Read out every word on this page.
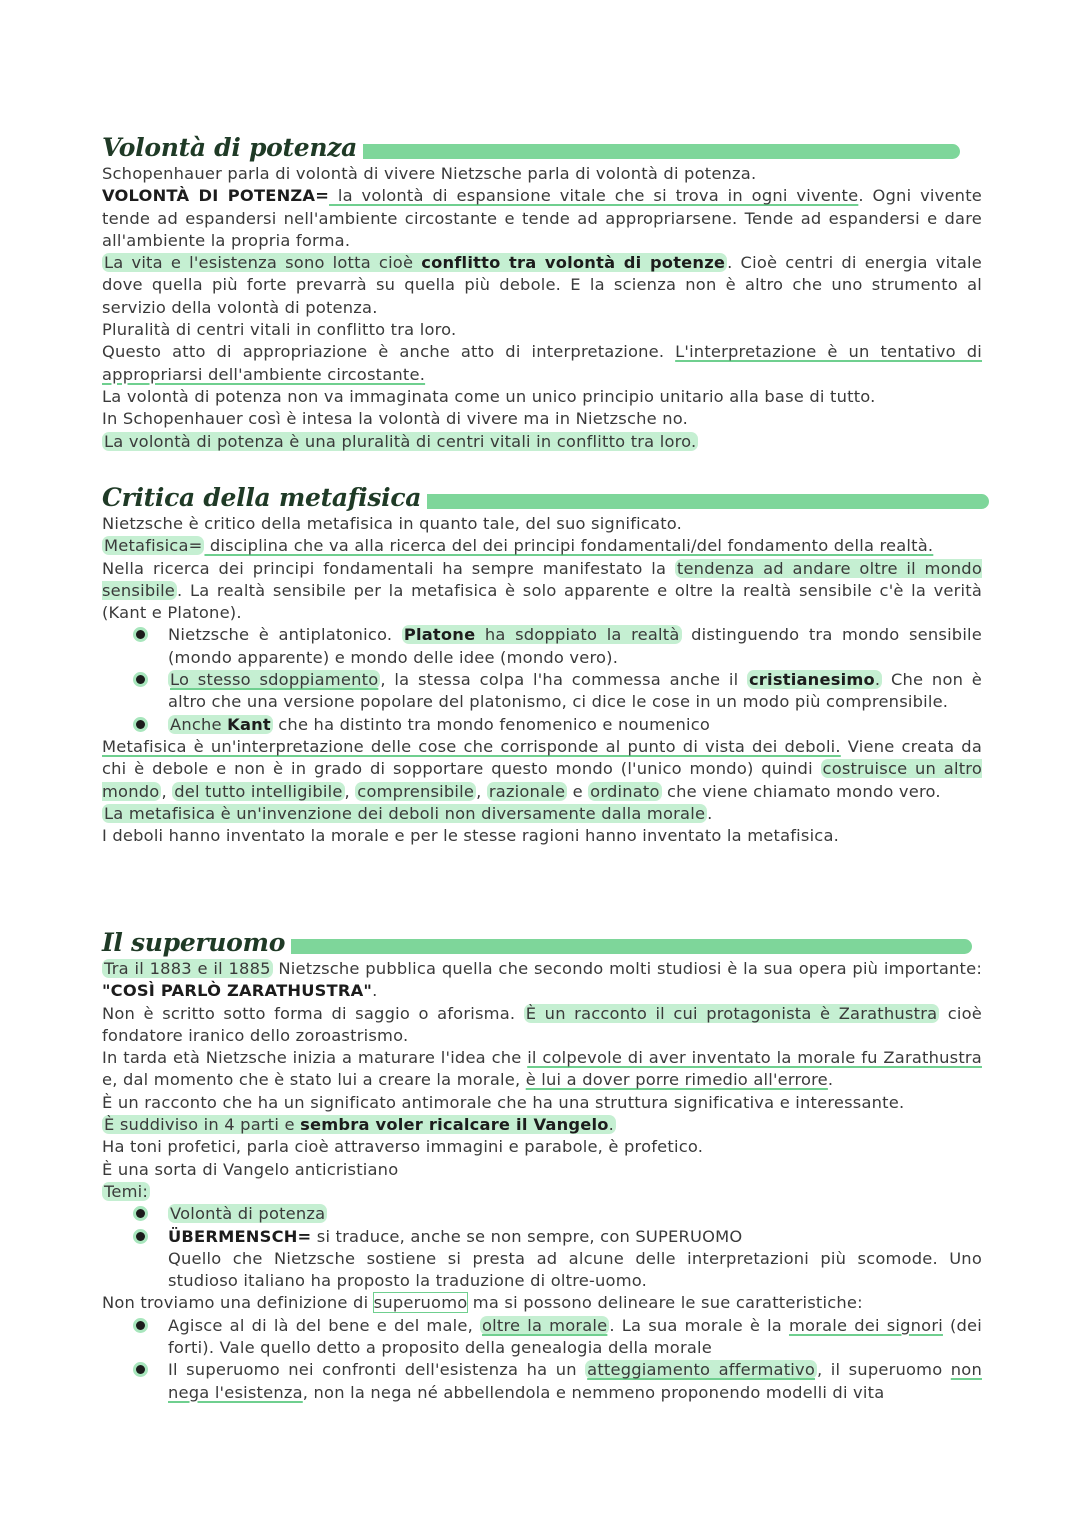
Volontà di potenza

Schopenhauer parla di volontà di vivere Nietzsche parla di volontà di potenza.

VOLONTÀ DI POTENZA= la volontà di espansione vitale che si trova in ogni vivente. Ogni vivente tende ad espandersi nell'ambiente circostante e tende ad appropriarsene. Tende ad espandersi e dare all'ambiente la propria forma.

La vita e l'esistenza sono lotta cioè conflitto tra volontà di potenze . Cioè centri di energia vitale dove quella più forte prevarrà su quella più debole. E la scienza non è altro che uno strumento al servizio della volontà di potenza.

Pluralità di centri vitali in conflitto tra loro.

Questo atto di appropriazione è anche atto di interpretazione. L'interpretazione è un tentativo di appropriarsi dell'ambiente circostante.

La volontà di potenza non va immaginata come un unico principio unitario alla base di tutto.

In Schopenhauer così è intesa la volontà di vivere ma in Nietzsche no.

La volontà di potenza è una pluralità di centri vitali in conflitto tra loro.

Critica della metafisica

Nietzsche è critico della metafisica in quanto tale, del suo significato.

Metafisica= disciplina che va alla ricerca del dei principi fondamentali/del fondamento della realtà.

Nella ricerca dei principi fondamentali ha sempre manifestato la tendenza ad andare oltre il mondo sensibile . La realtà sensibile per la metafisica è solo apparente e oltre la realtà sensibile c'è la verità (Kant e Platone).

Nietzsche è antiplatonico. Platone ha sdoppiato la realtà distinguendo tra mondo sensibile (mondo apparente) e mondo delle idee (mondo vero).
Lo stesso sdoppiamento , la stessa colpa l'ha commessa anche il cristianesimo. Che non è altro che una versione popolare del platonismo, ci dice le cose in un modo più comprensibile.
Anche Kant che ha distinto tra mondo fenomenico e noumenico

Metafisica è un'interpretazione delle cose che corrisponde al punto di vista dei deboli. Viene creata da chi è debole e non è in grado di sopportare questo mondo (l'unico mondo) quindi costruisce un altro mondo , del tutto intelligibile , comprensibile , razionale e ordinato che viene chiamato mondo vero.

La metafisica è un'invenzione dei deboli non diversamente dalla morale .

I deboli hanno inventato la morale e per le stesse ragioni hanno inventato la metafisica.

Il superuomo

Tra il 1883 e il 1885 Nietzsche pubblica quella che secondo molti studiosi è la sua opera più importante: "COSÌ PARLÒ ZARATHUSTRA".

Non è scritto sotto forma di saggio o aforisma. È un racconto il cui protagonista è Zarathustra cioè fondatore iranico dello zoroastrismo.

In tarda età Nietzsche inizia a maturare l'idea che il colpevole di aver inventato la morale fu Zarathustra e, dal momento che è stato lui a creare la morale, è lui a dover porre rimedio all'errore.

È un racconto che ha un significato antimorale che ha una struttura significativa e interessante.

È suddiviso in 4 parti e sembra voler ricalcare il Vangelo.

Ha toni profetici, parla cioè attraverso immagini e parabole, è profetico.

È una sorta di Vangelo anticristiano

Temi:

Volontà di potenza
ÜBERMENSCH= si traduce, anche se non sempre, con SUPERUOMO
Quello che Nietzsche sostiene si presta ad alcune delle interpretazioni più scomode. Uno studioso italiano ha proposto la traduzione di oltre-uomo.

Non troviamo una definizione di superuomo ma si possono delineare le sue caratteristiche:

Agisce al di là del bene e del male, oltre la morale . La sua morale è la morale dei signori (dei forti). Vale quello detto a proposito della genealogia della morale
Il superuomo nei confronti dell'esistenza ha un atteggiamento affermativo , il superuomo non nega l'esistenza, non la nega né abbellendola e nemmeno proponendo modelli di vita
